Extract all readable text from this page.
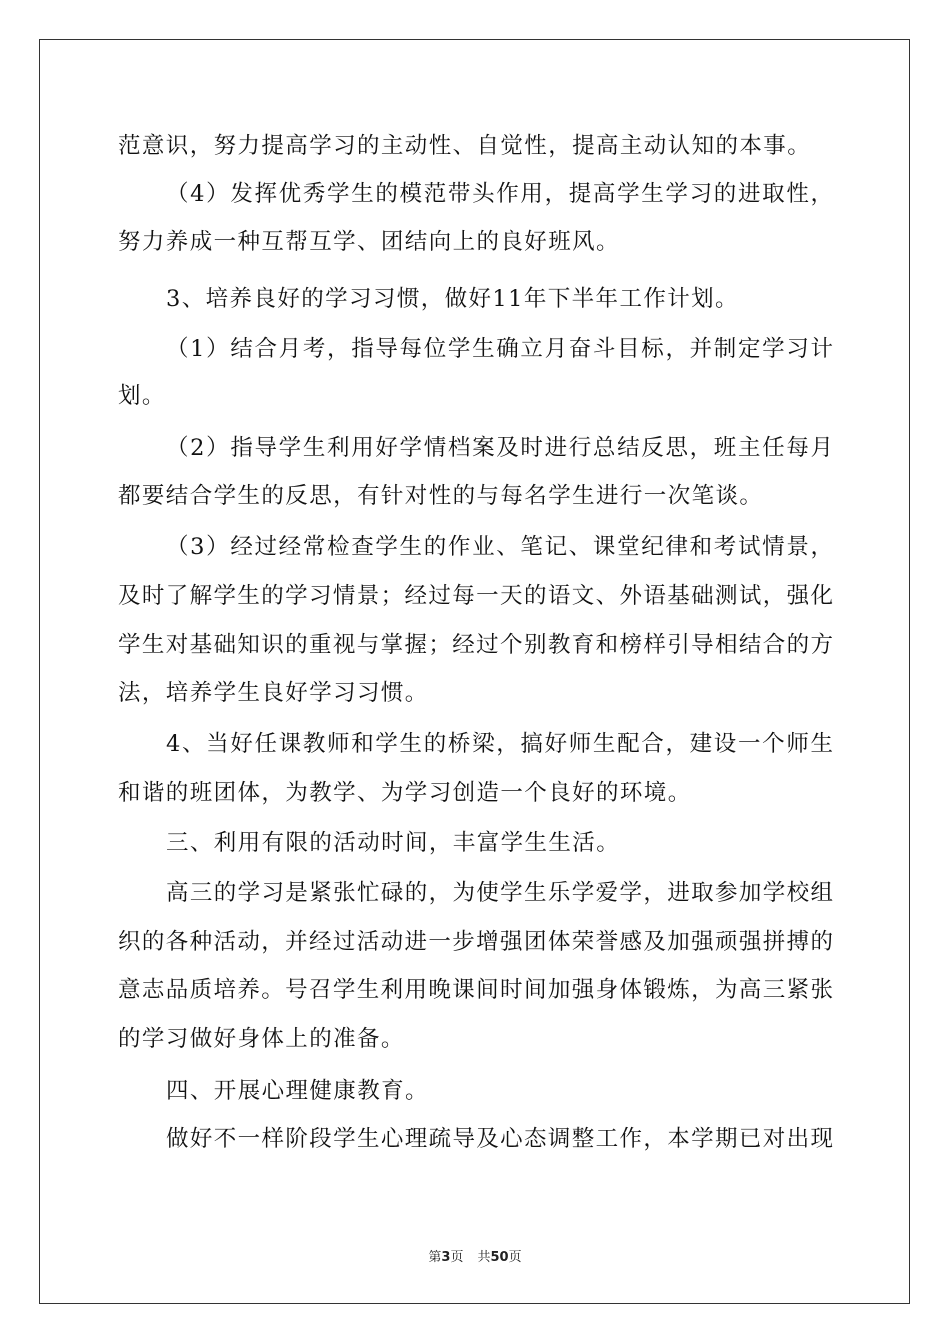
范意识，努力提高学习的主动性、自觉性，提高主动认知的本事。
（4）发挥优秀学生的模范带头作用，提高学生学习的进取性，
努力养成一种互帮互学、团结向上的良好班风。
3、培养良好的学习习惯，做好11年下半年工作计划。
（1）结合月考，指导每位学生确立月奋斗目标，并制定学习计
划。
（2）指导学生利用好学情档案及时进行总结反思，班主任每月
都要结合学生的反思，有针对性的与每名学生进行一次笔谈。
（3）经过经常检查学生的作业、笔记、课堂纪律和考试情景，
及时了解学生的学习情景；经过每一天的语文、外语基础测试，强化
学生对基础知识的重视与掌握；经过个别教育和榜样引导相结合的方
法，培养学生良好学习习惯。
4、当好任课教师和学生的桥梁，搞好师生配合，建设一个师生
和谐的班团体，为教学、为学习创造一个良好的环境。
三、利用有限的活动时间，丰富学生生活。
高三的学习是紧张忙碌的，为使学生乐学爱学，进取参加学校组
织的各种活动，并经过活动进一步增强团体荣誉感及加强顽强拼搏的
意志品质培养。号召学生利用晚课间时间加强身体锻炼，为高三紧张
的学习做好身体上的准备。
四、开展心理健康教育。
做好不一样阶段学生心理疏导及心态调整工作，本学期已对出现
第3页 共50页
